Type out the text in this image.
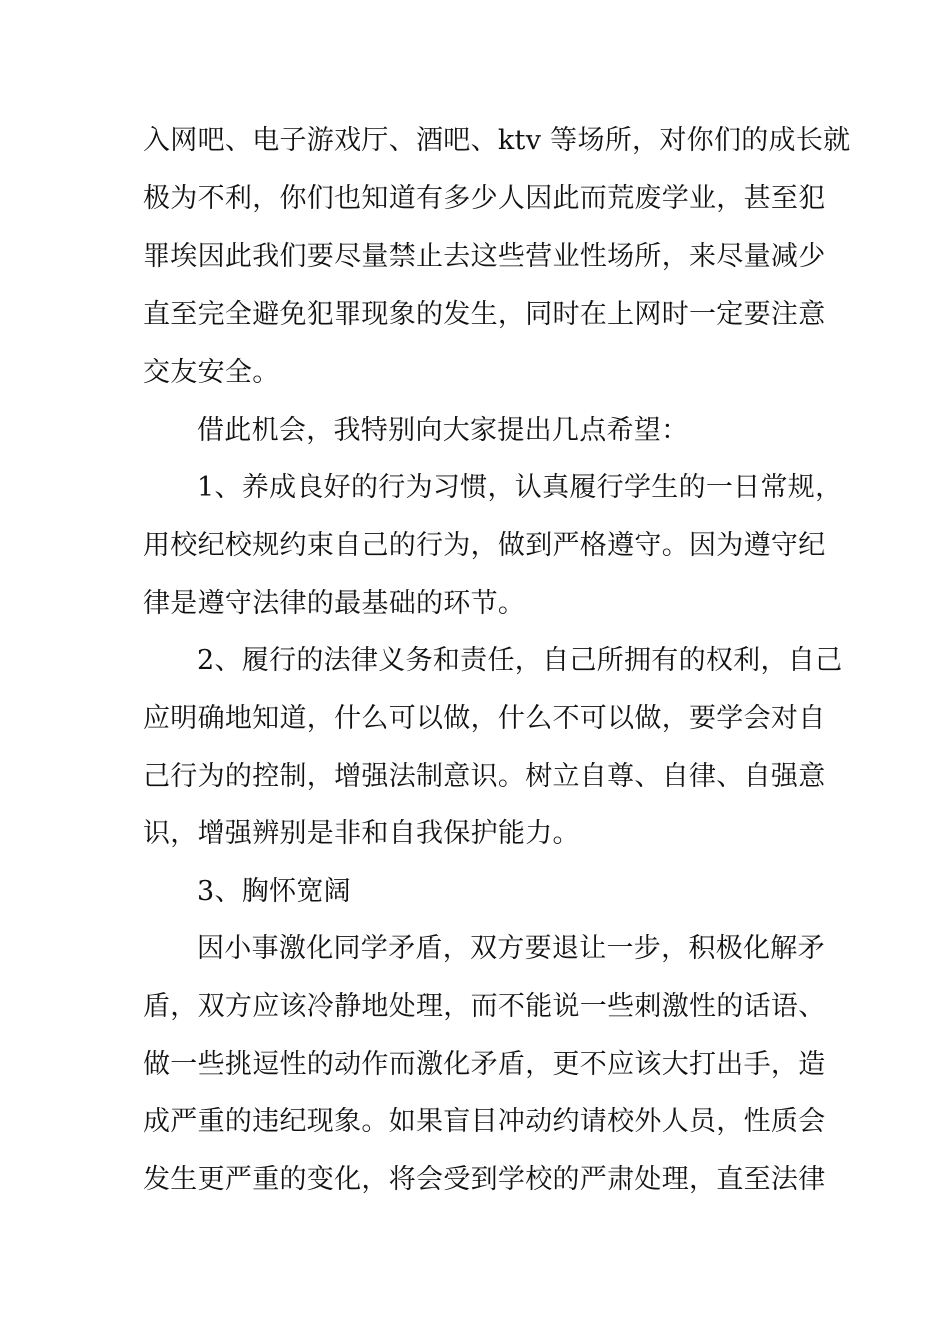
入网吧、电子游戏厅、酒吧、ktv 等场所，对你们的成长就
极为不利，你们也知道有多少人因此而荒废学业，甚至犯
罪埃因此我们要尽量禁止去这些营业性场所，来尽量减少
直至完全避免犯罪现象的发生，同时在上网时一定要注意
交友安全。
借此机会，我特别向大家提出几点希望：
1、养成良好的行为习惯，认真履行学生的一日常规，
用校纪校规约束自己的行为，做到严格遵守。因为遵守纪
律是遵守法律的最基础的环节。
2、履行的法律义务和责任，自己所拥有的权利，自己
应明确地知道，什么可以做，什么不可以做，要学会对自
己行为的控制，增强法制意识。树立自尊、自律、自强意
识，增强辨别是非和自我保护能力。
3、胸怀宽阔
因小事激化同学矛盾，双方要退让一步，积极化解矛
盾，双方应该冷静地处理，而不能说一些刺激性的话语、
做一些挑逗性的动作而激化矛盾，更不应该大打出手，造
成严重的违纪现象。如果盲目冲动约请校外人员，性质会
发生更严重的变化，将会受到学校的严肃处理，直至法律
